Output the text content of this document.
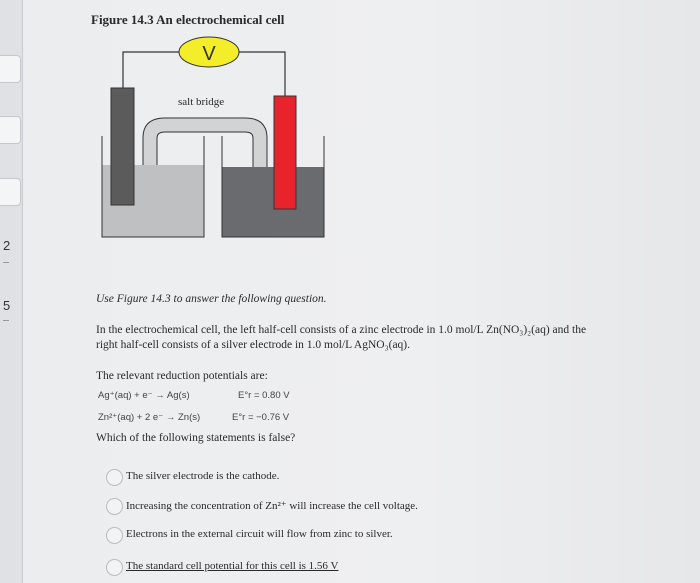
2
5
Figure 14.3 An electrochemical cell
V
salt bridge
Use Figure 14.3 to answer the following question.
In the electrochemical cell, the left half-cell consists of a zinc electrode in 1.0 mol/L Zn(NO₃)₂(aq) and the
right half-cell consists of a silver electrode in 1.0 mol/L AgNO₃(aq).
The relevant reduction potentials are:
Ag⁺(aq) + e⁻ → Ag(s)	E°r = 0.80 V
Zn²⁺(aq) + 2 e⁻ → Zn(s)	E°r = −0.76 V
Which of the following statements is false?
The silver electrode is the cathode.
Increasing the concentration of Zn²⁺ will increase the cell voltage.
Electrons in the external circuit will flow from zinc to silver.
The standard cell potential for this cell is 1.56 V
